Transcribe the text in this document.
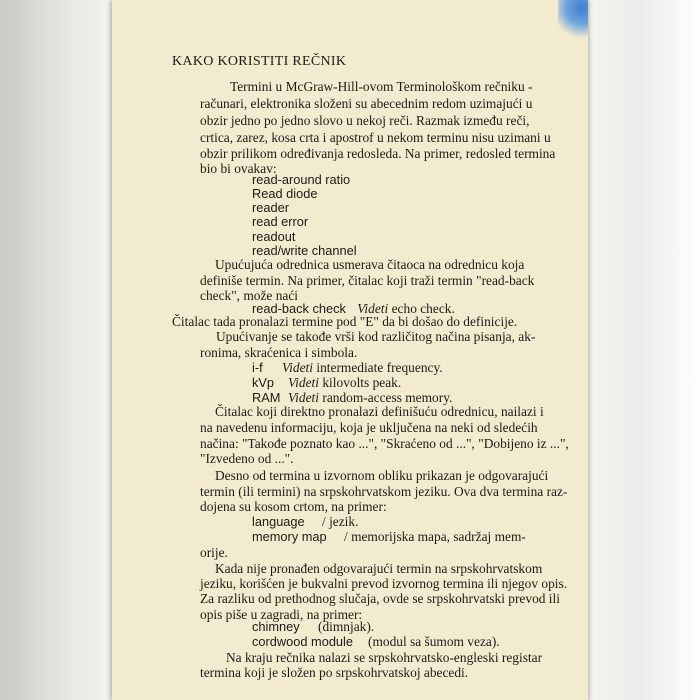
KAKO KORISTITI REČNIK
Termini u McGraw-Hill-ovom Terminološkom rečniku -
računari, elektronika složeni su abecednim redom uzimajući u
obzir jedno po jedno slovo u nekoj reči. Razmak između reči,
crtica, zarez, kosa crta i apostrof u nekom terminu nisu uzimani u
obzir prilikom određivanja redosleda. Na primer, redosled termina
bio bi ovakav:
read-around ratio
Read diode
reader
read error
readout
read/write channel
Upućujuća odrednica usmerava čitaoca na odrednicu koja
definiše termin. Na primer, čitalac koji traži termin "read-back
check", može naći
read-back check Videti echo check.
Čitalac tada pronalazi termine pod "E" da bi došao do definicije.
Upućivanje se takođe vrši kod različitog načina pisanja, ak-
ronima, skraćenica i simbola.
i-f Videti intermediate frequency.
kVp Videti kilovolts peak.
RAM Videti random-access memory.
Čitalac koji direktno pronalazi definišuću odrednicu, nailazi i
na navedenu informaciju, koja je uključena na neki od sledećih
načina: "Takođe poznato kao ...", "Skraćeno od ...", "Dobijeno iz ...",
"Izvedeno od ...".
Desno od termina u izvornom obliku prikazan je odgovarajući
termin (ili termini) na srpskohrvatskom jeziku. Ova dva termina raz-
dojena su kosom crtom, na primer:
language / jezik.
memory map / memorijska mapa, sadržaj mem-
orije.
Kada nije pronađen odgovarajući termin na srpskohrvatskom
jeziku, korišćen je bukvalni prevod izvornog termina ili njegov opis.
Za razliku od prethodnog slučaja, ovde se srpskohrvatski prevod ili
opis piše u zagradi, na primer:
chimney (dimnjak).
cordwood module (modul sa šumom veza).
Na kraju rečnika nalazi se srpskohrvatsko-engleski registar
termina koji je složen po srpskohrvatskoj abecedi.
